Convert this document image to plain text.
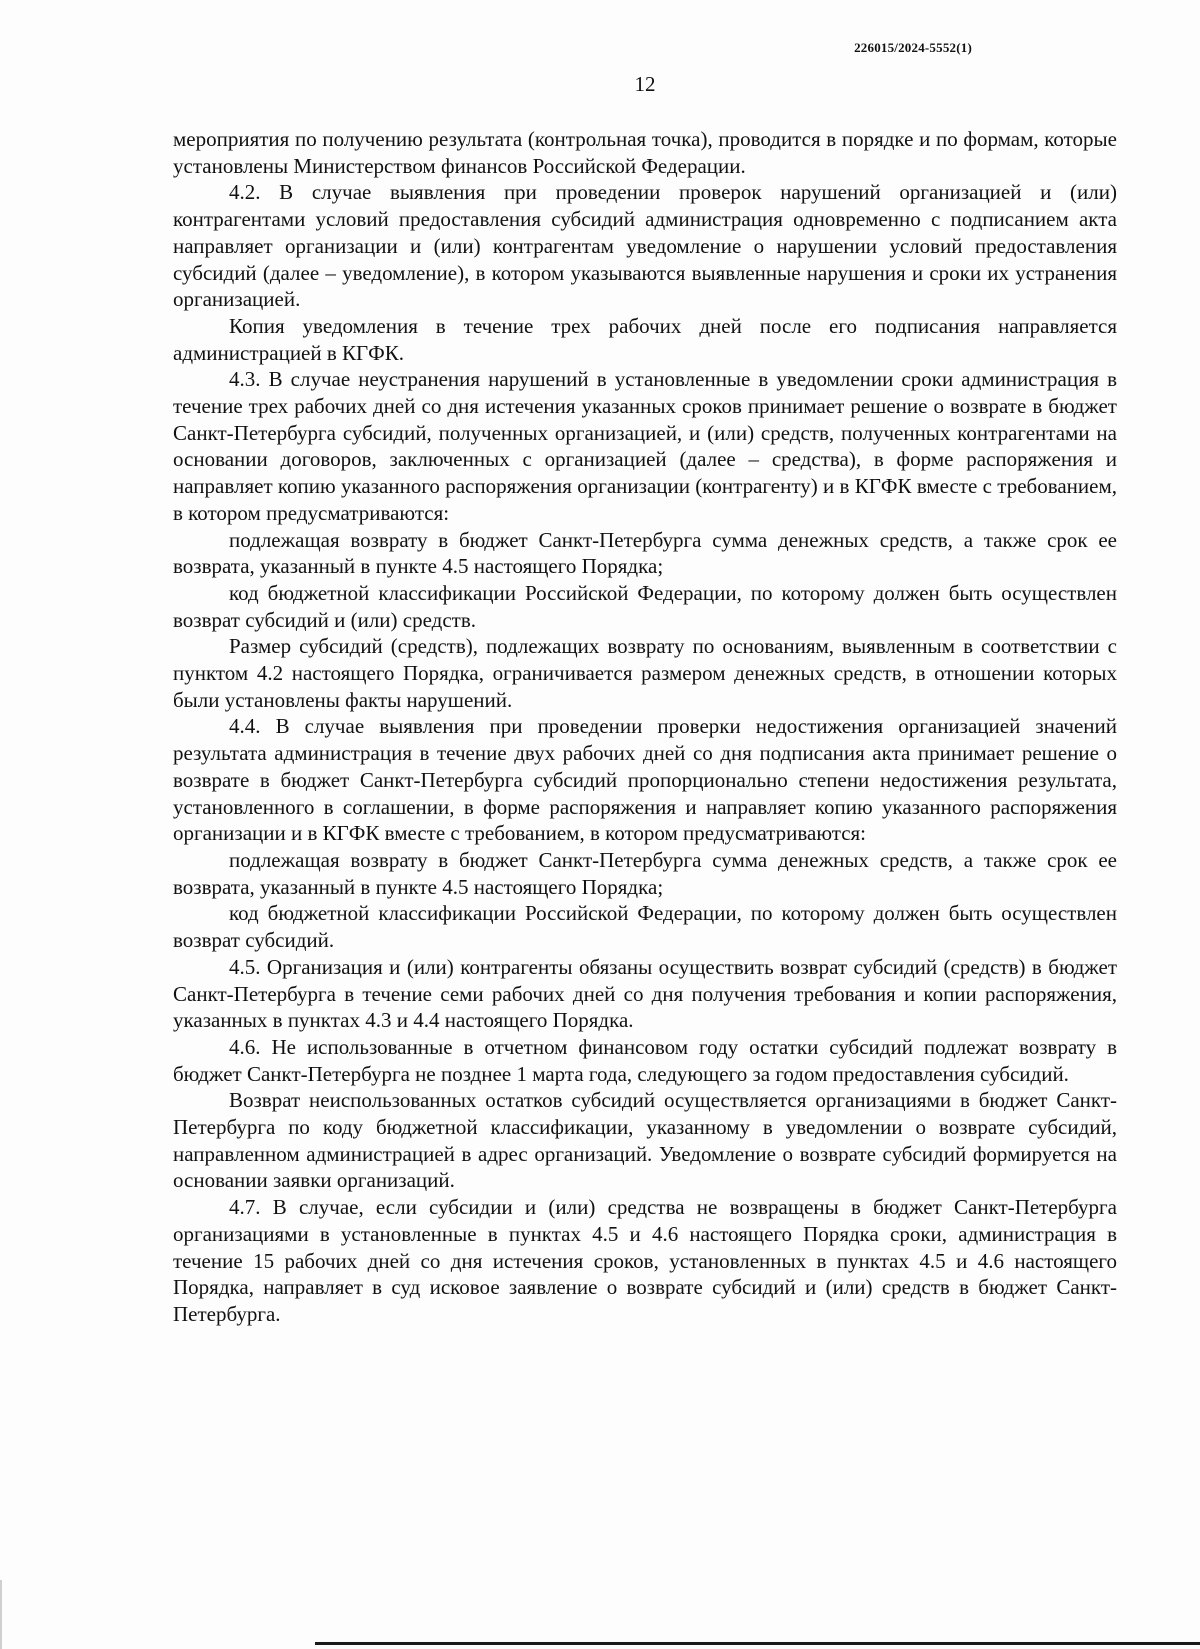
226015/2024-5552(1)
12

мероприятия по получению результата (контрольная точка), проводится в порядке и по формам, которые установлены Министерством финансов Российской Федерации.

4.2. В случае выявления при проведении проверок нарушений организацией и (или) контрагентами условий предоставления субсидий администрация одновременно с подписанием акта направляет организации и (или) контрагентам уведомление о нарушении условий предоставления субсидий (далее – уведомление), в котором указываются выявленные нарушения и сроки их устранения организацией.

Копия уведомления в течение трех рабочих дней после его подписания направляется администрацией в КГФК.

4.3. В случае неустранения нарушений в установленные в уведомлении сроки администрация в течение трех рабочих дней со дня истечения указанных сроков принимает решение о возврате в бюджет Санкт-Петербурга субсидий, полученных организацией, и (или) средств, полученных контрагентами на основании договоров, заключенных с организацией (далее – средства), в форме распоряжения и направляет копию указанного распоряжения организации (контрагенту) и в КГФК вместе с требованием, в котором предусматриваются:

подлежащая возврату в бюджет Санкт-Петербурга сумма денежных средств, а также срок ее возврата, указанный в пункте 4.5 настоящего Порядка;

код бюджетной классификации Российской Федерации, по которому должен быть осуществлен возврат субсидий и (или) средств.

Размер субсидий (средств), подлежащих возврату по основаниям, выявленным в соответствии с пунктом 4.2 настоящего Порядка, ограничивается размером денежных средств, в отношении которых были установлены факты нарушений.

4.4. В случае выявления при проведении проверки недостижения организацией значений результата администрация в течение двух рабочих дней со дня подписания акта принимает решение о возврате в бюджет Санкт-Петербурга субсидий пропорционально степени недостижения результата, установленного в соглашении, в форме распоряжения и направляет копию указанного распоряжения организации и в КГФК вместе с требованием, в котором предусматриваются:

подлежащая возврату в бюджет Санкт-Петербурга сумма денежных средств, а также срок ее возврата, указанный в пункте 4.5 настоящего Порядка;

код бюджетной классификации Российской Федерации, по которому должен быть осуществлен возврат субсидий.

4.5. Организация и (или) контрагенты обязаны осуществить возврат субсидий (средств) в бюджет Санкт-Петербурга в течение семи рабочих дней со дня получения требования и копии распоряжения, указанных в пунктах 4.3 и 4.4 настоящего Порядка.

4.6. Не использованные в отчетном финансовом году остатки субсидий подлежат возврату в бюджет Санкт-Петербурга не позднее 1 марта года, следующего за годом предоставления субсидий.

Возврат неиспользованных остатков субсидий осуществляется организациями в бюджет Санкт-Петербурга по коду бюджетной классификации, указанному в уведомлении о возврате субсидий, направленном администрацией в адрес организаций. Уведомление о возврате субсидий формируется на основании заявки организаций.

4.7. В случае, если субсидии и (или) средства не возвращены в бюджет Санкт-Петербурга организациями в установленные в пунктах 4.5 и 4.6 настоящего Порядка сроки, администрация в течение 15 рабочих дней со дня истечения сроков, установленных в пунктах 4.5 и 4.6 настоящего Порядка, направляет в суд исковое заявление о возврате субсидий и (или) средств в бюджет Санкт-Петербурга.
